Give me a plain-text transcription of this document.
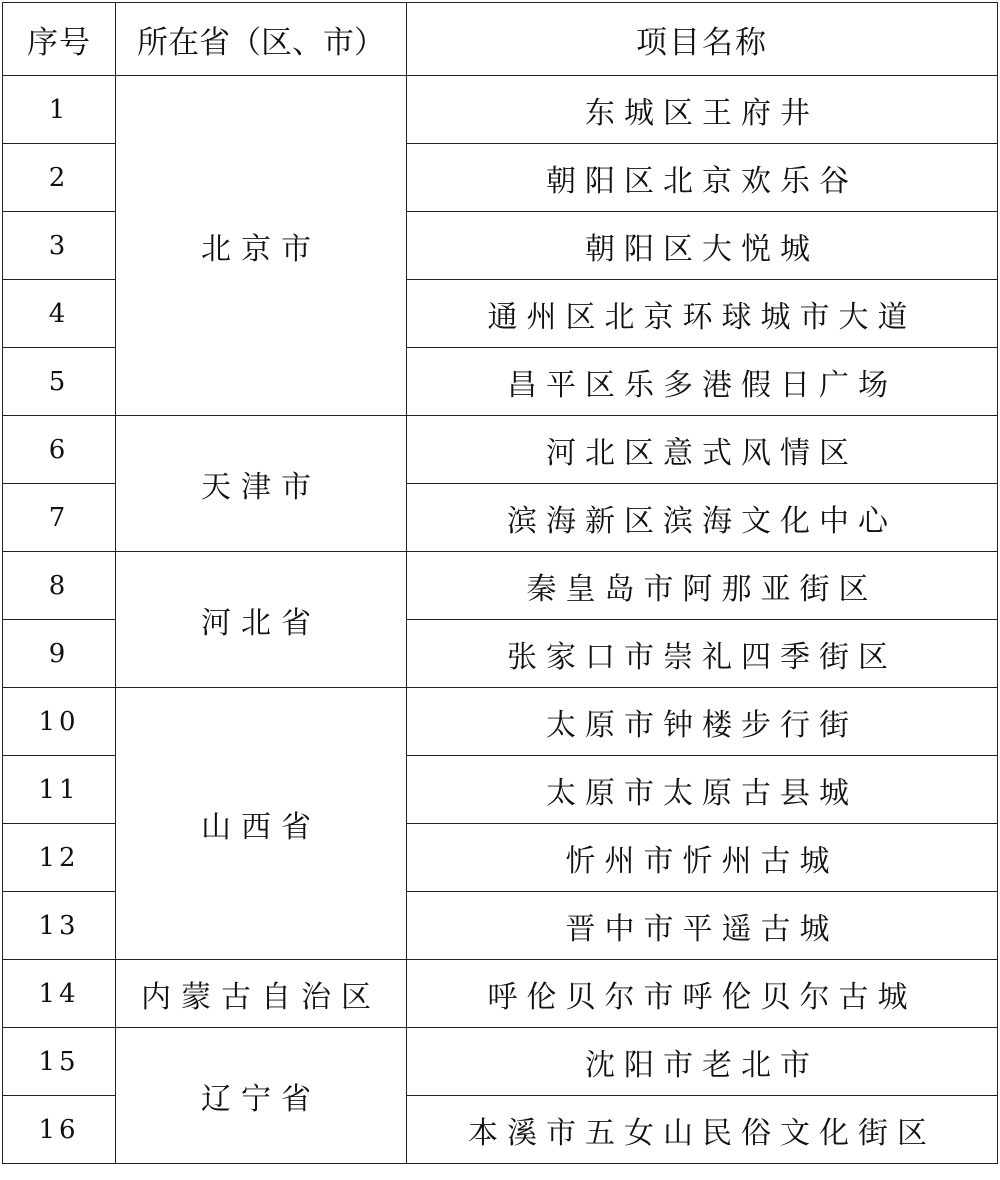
序号	所在省（区、市）	项目名称
1	北京市	东城区王府井
2		朝阳区北京欢乐谷
3		朝阳区大悦城
4		通州区北京环球城市大道
5		昌平区乐多港假日广场
6	天津市	河北区意式风情区
7		滨海新区滨海文化中心
8	河北省	秦皇岛市阿那亚街区
9		张家口市崇礼四季街区
10	山西省	太原市钟楼步行街
11		太原市太原古县城
12		忻州市忻州古城
13		晋中市平遥古城
14	内蒙古自治区	呼伦贝尔市呼伦贝尔古城
15	辽宁省	沈阳市老北市
16		本溪市五女山民俗文化街区
